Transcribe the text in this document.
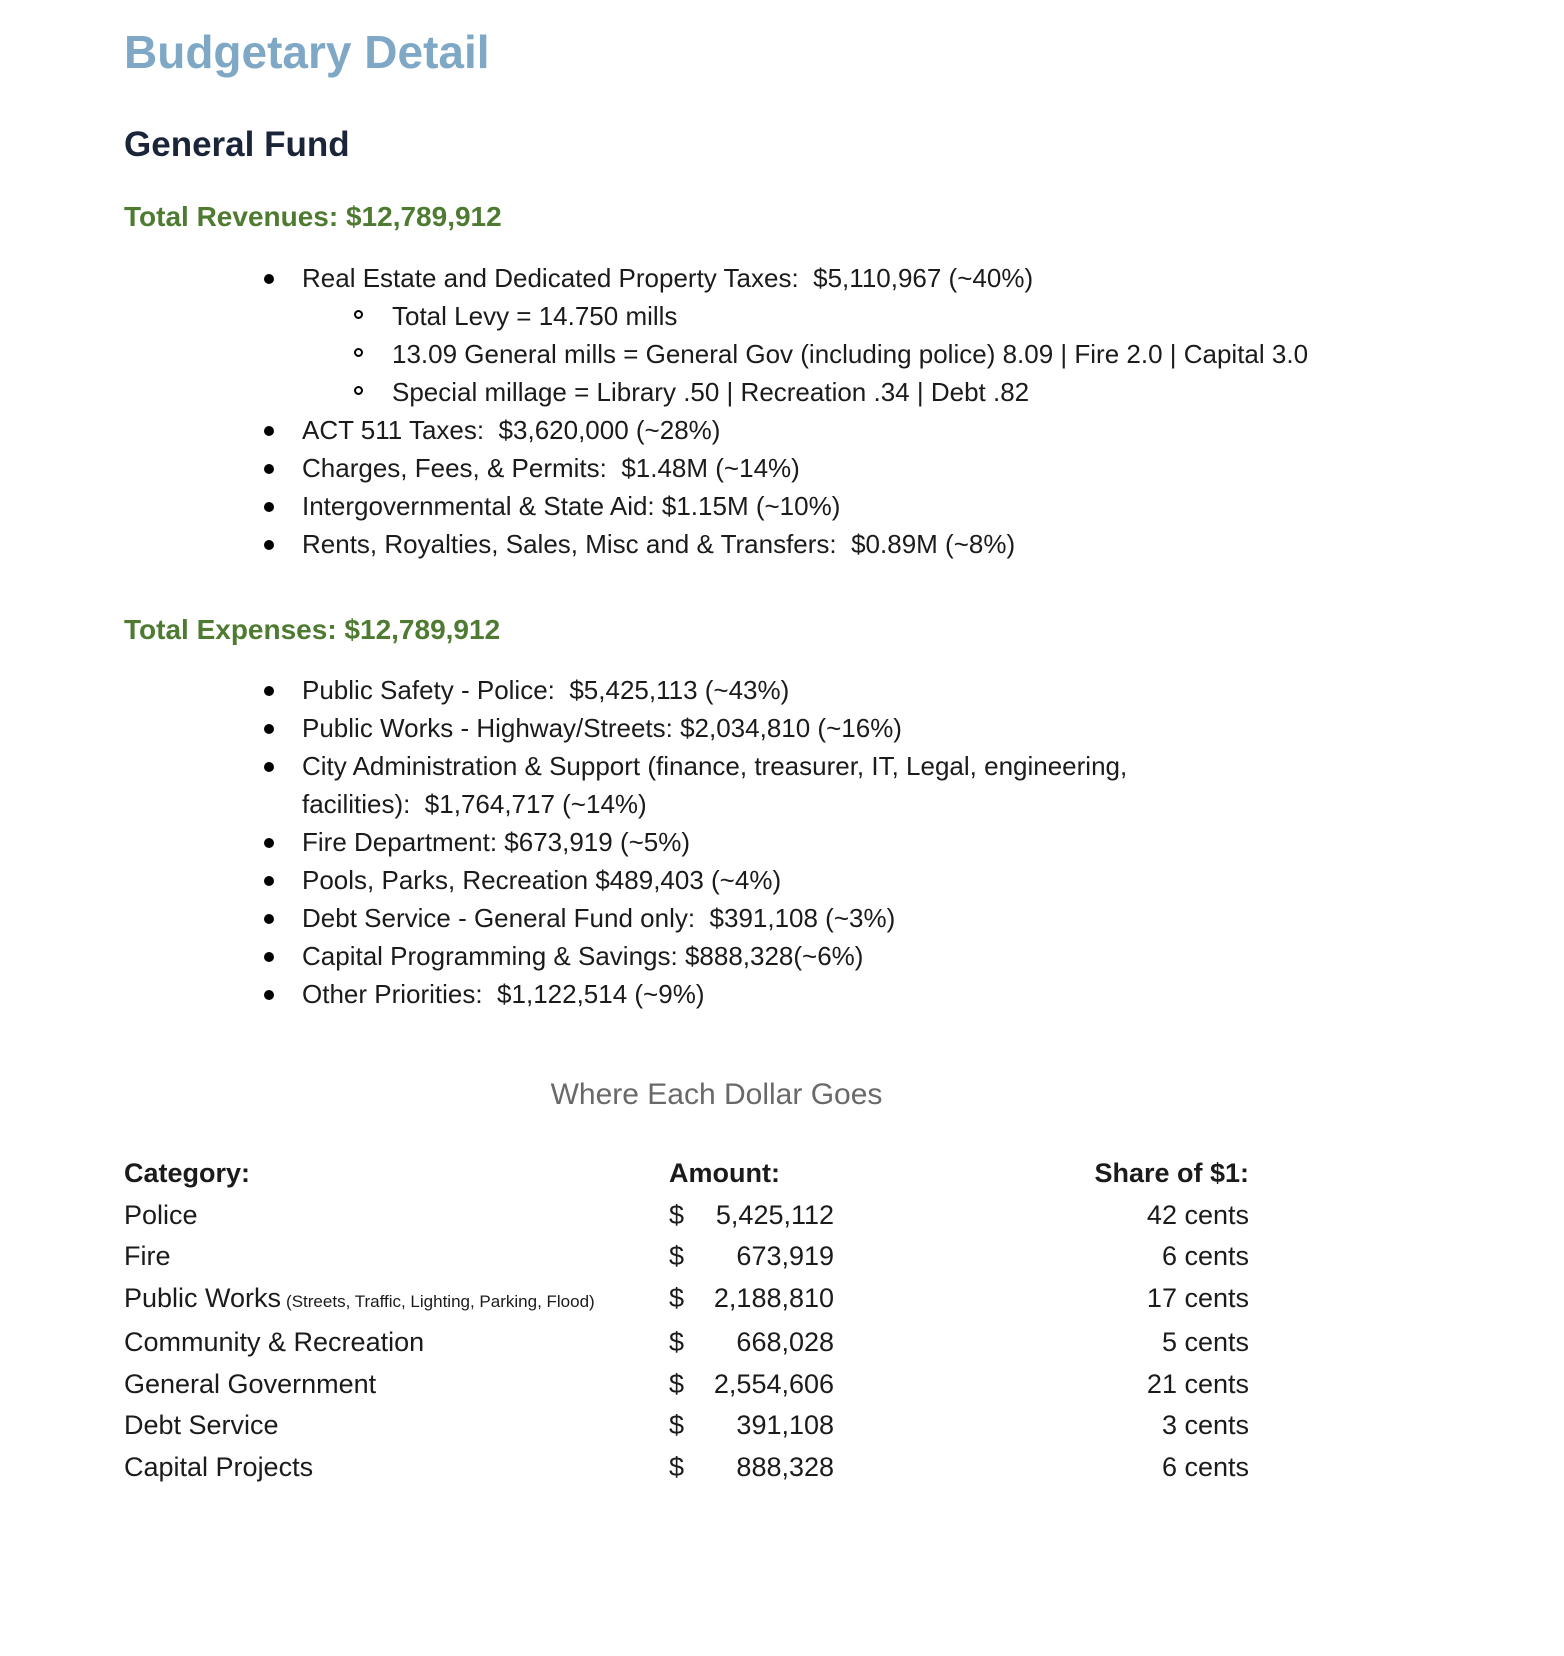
Budgetary Detail
General Fund
Total Revenues: $12,789,912
Real Estate and Dedicated Property Taxes:  $5,110,967 (~40%)
Total Levy = 14.750 mills
13.09 General mills = General Gov (including police) 8.09 | Fire 2.0 | Capital 3.0
Special millage = Library .50 | Recreation .34 | Debt .82
ACT 511 Taxes:  $3,620,000 (~28%)
Charges, Fees, & Permits:  $1.48M (~14%)
Intergovernmental & State Aid: $1.15M (~10%)
Rents, Royalties, Sales, Misc and & Transfers:  $0.89M (~8%)
Total Expenses: $12,789,912
Public Safety - Police:  $5,425,113 (~43%)
Public Works - Highway/Streets: $2,034,810 (~16%)
City Administration & Support (finance, treasurer, IT, Legal, engineering, facilities):  $1,764,717 (~14%)
Fire Department: $673,919 (~5%)
Pools, Parks, Recreation $489,403 (~4%)
Debt Service - General Fund only:  $391,108 (~3%)
Capital Programming & Savings: $888,328(~6%)
Other Priorities:  $1,122,514 (~9%)
Where Each Dollar Goes
Category:	Amount:	Share of $1:
Police	$ 5,425,112	42 cents
Fire	$ 673,919	6 cents
Public Works (Streets, Traffic, Lighting, Parking, Flood)	$ 2,188,810	17 cents
Community & Recreation	$ 668,028	5 cents
General Government	$ 2,554,606	21 cents
Debt Service	$ 391,108	3 cents
Capital Projects	$ 888,328	6 cents
